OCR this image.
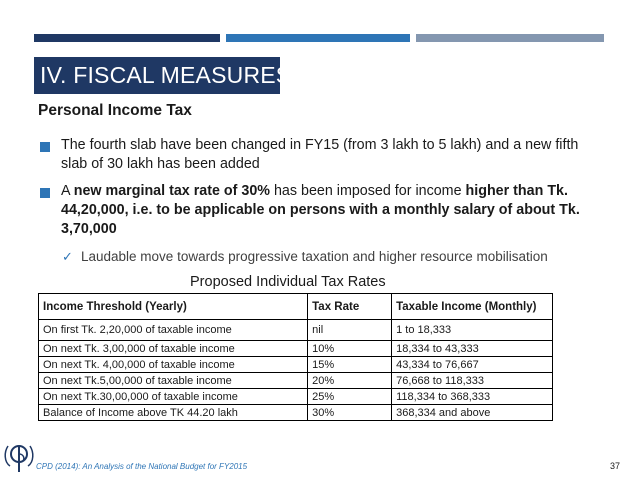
IV. FISCAL MEASURES
Personal Income Tax
The fourth slab have been changed in FY15 (from 3 lakh to 5 lakh) and a new fifth slab of 30 lakh has been added
A new marginal tax rate of 30% has been imposed for income higher than Tk. 44,20,000, i.e. to be applicable on persons with a monthly salary of about Tk. 3,70,000
✓ Laudable move towards progressive taxation and higher resource mobilisation
Proposed Individual Tax Rates
Income Threshold (Yearly)	Tax Rate	Taxable Income (Monthly)
On first Tk. 2,20,000 of taxable income	nil	1 to 18,333
On next Tk. 3,00,000 of taxable income	10%	18,334 to 43,333
On next Tk. 4,00,000 of taxable income	15%	43,334 to 76,667
On next Tk.5,00,000 of taxable income	20%	76,668 to 118,333
On next Tk.30,00,000 of taxable income	25%	118,334 to 368,333
Balance of Income above TK 44.20 lakh	30%	368,334 and above
CPD (2014): An Analysis of the National Budget for FY2015	37
